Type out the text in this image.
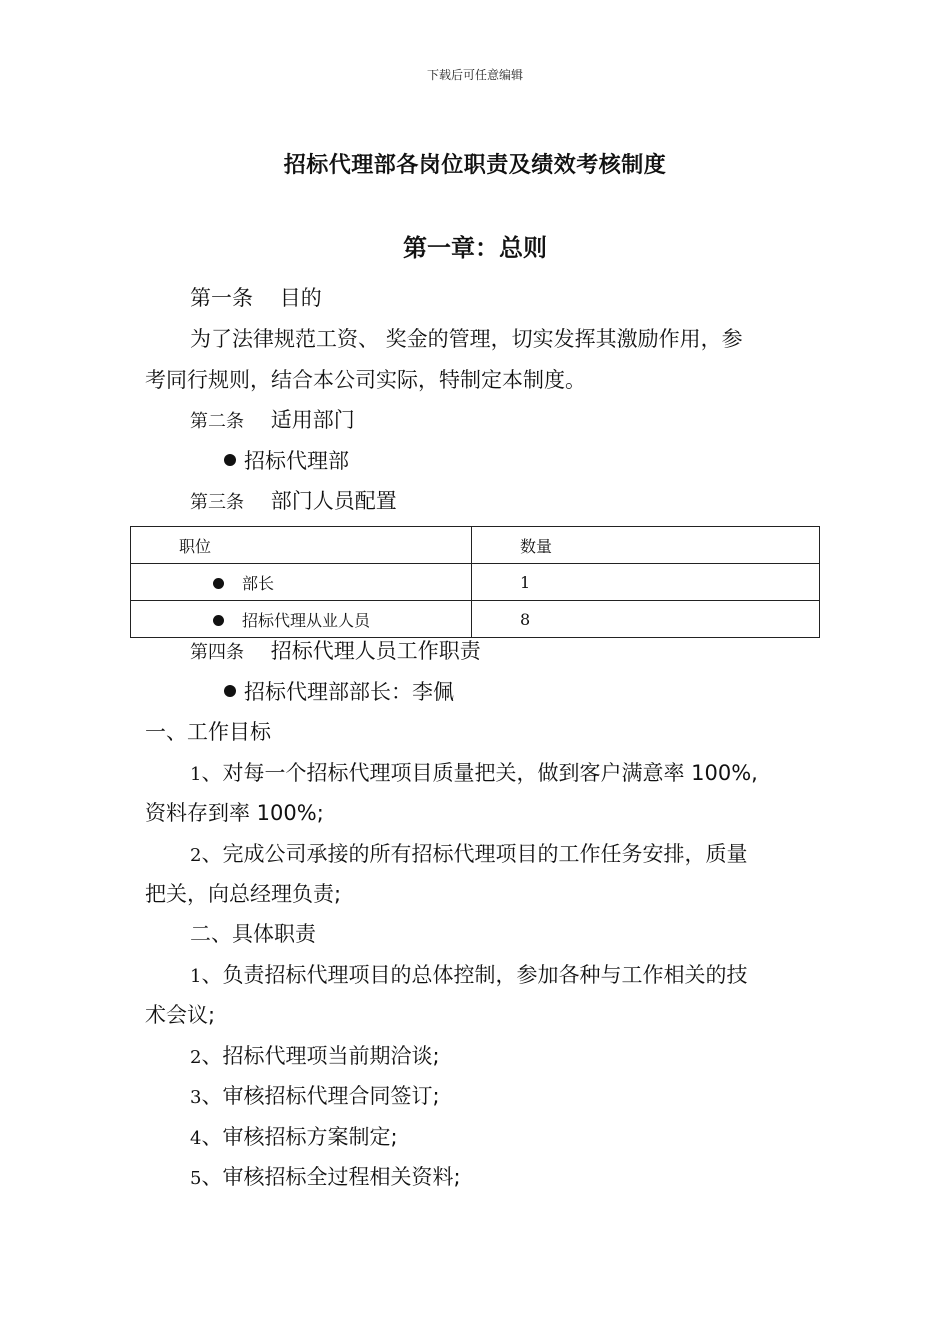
下载后可任意编辑
招标代理部各岗位职责及绩效考核制度
第一章：总则
第一条 目的
为了法律规范工资、 奖金的管理，切实发挥其激励作用，参
考同行规则，结合本公司实际，特制定本制度。
第二条 适用部门
招标代理部
第三条 部门人员配置
职位	数量

部长	1

招标代理从业人员	8
第四条 招标代理人员工作职责
招标代理部部长：李佩
一、工作目标
1、对每一个招标代理项目质量把关，做到客户满意率 100%,
资料存到率 100%;
2、完成公司承接的所有招标代理项目的工作任务安排，质量
把关，向总经理负责;
二、具体职责
1、负责招标代理项目的总体控制，参加各种与工作相关的技
术会议;
2、招标代理项当前期洽谈;
3、审核招标代理合同签订;
4、审核招标方案制定;
5、审核招标全过程相关资料;
